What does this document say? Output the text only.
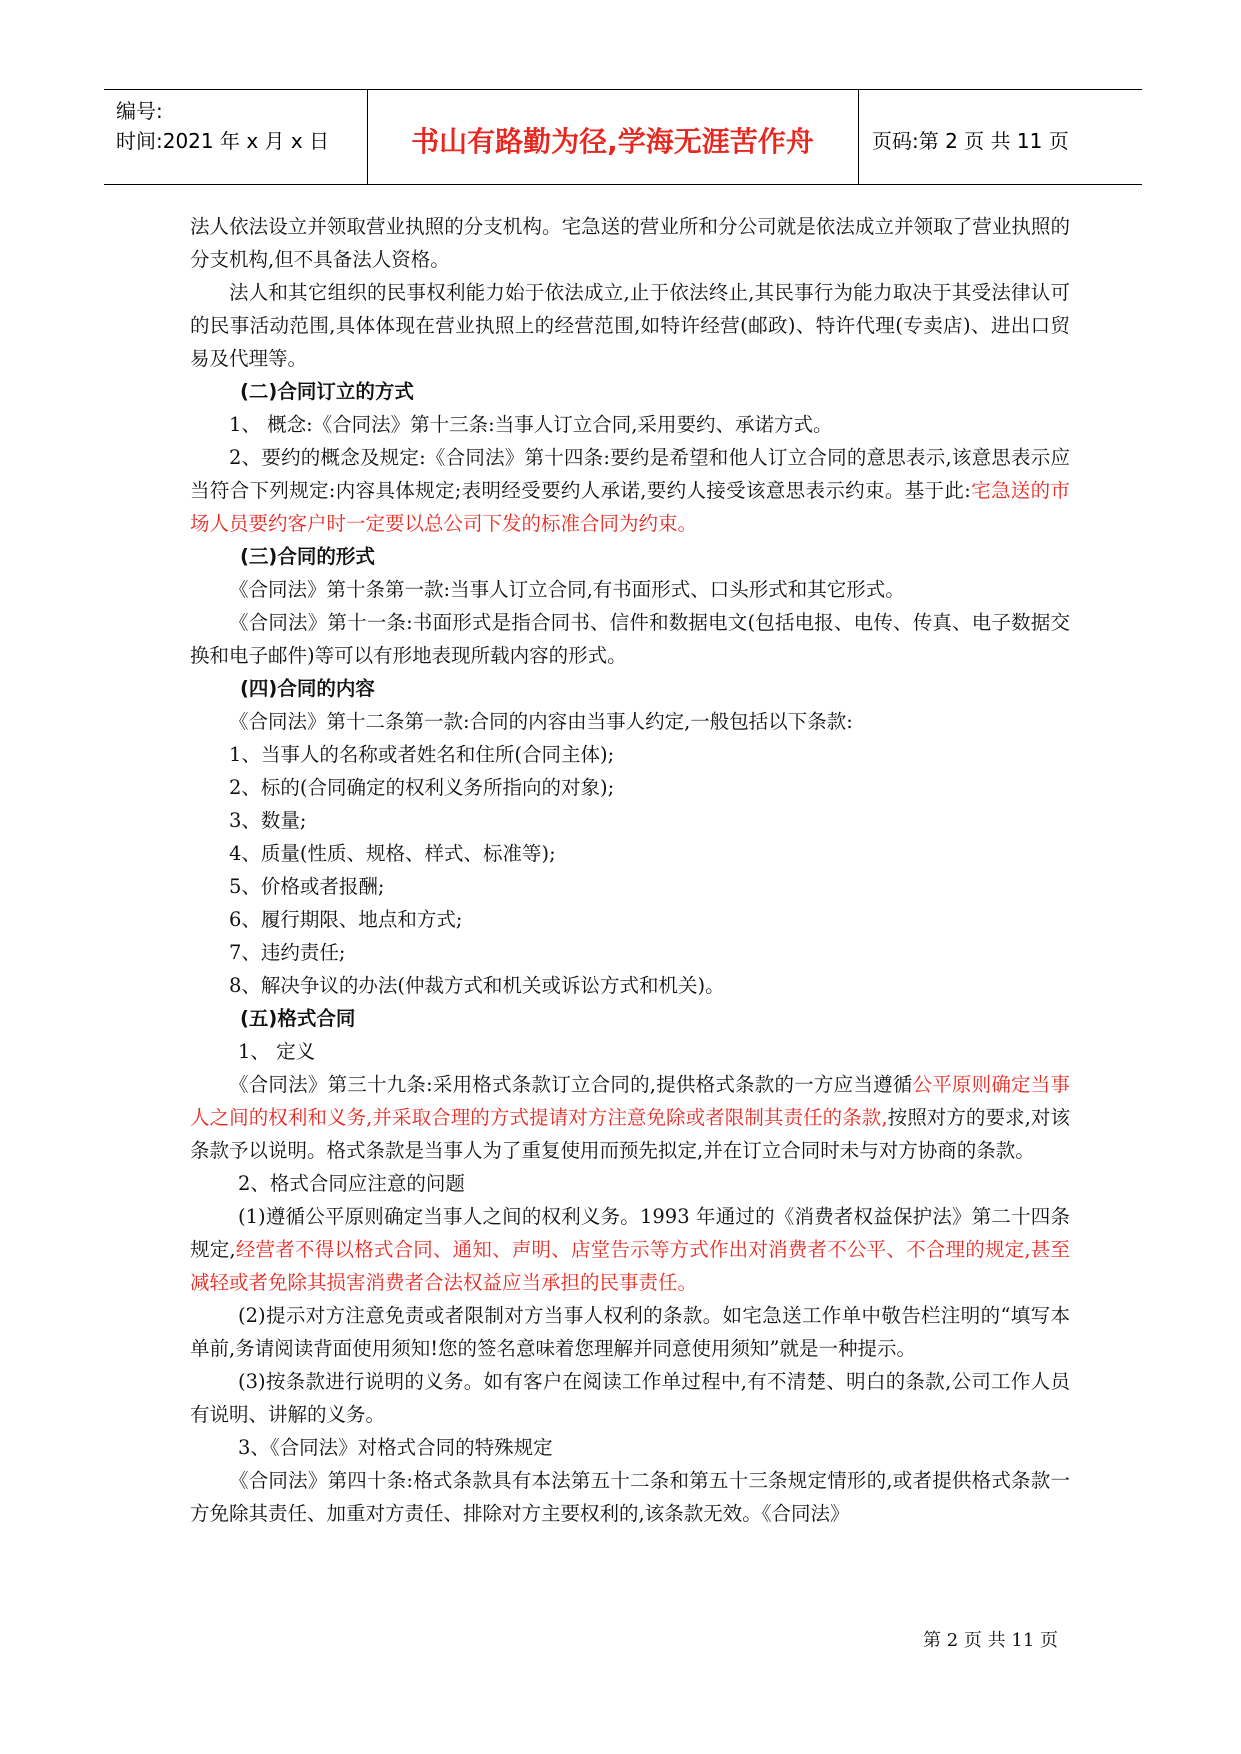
编号:
时间:2021 年 x 月 x 日	书山有路勤为径,学海无涯苦作舟	页码:第 2 页 共 11 页

法人依法设立并领取营业执照的分支机构。宅急送的营业所和分公司就是依法成立并领取了营业执照的分支机构,但不具备法人资格。

法人和其它组织的民事权利能力始于依法成立,止于依法终止,其民事行为能力取决于其受法律认可的民事活动范围,具体体现在营业执照上的经营范围,如特许经营(邮政)、特许代理(专卖店)、进出口贸易及代理等。

(二)合同订立的方式

1、 概念:《合同法》第十三条:当事人订立合同,采用要约、承诺方式。

2、要约的概念及规定:《合同法》第十四条:要约是希望和他人订立合同的意思表示,该意思表示应当符合下列规定:内容具体规定;表明经受要约人承诺,要约人接受该意思表示约束。基于此:宅急送的市场人员要约客户时一定要以总公司下发的标准合同为约束。

(三)合同的形式

《合同法》第十条第一款:当事人订立合同,有书面形式、口头形式和其它形式。

《合同法》第十一条:书面形式是指合同书、信件和数据电文(包括电报、电传、传真、电子数据交换和电子邮件)等可以有形地表现所载内容的形式。

(四)合同的内容

《合同法》第十二条第一款:合同的内容由当事人约定,一般包括以下条款:

1、当事人的名称或者姓名和住所(合同主体);

2、标的(合同确定的权利义务所指向的对象);

3、数量;

4、质量(性质、规格、样式、标准等);

5、价格或者报酬;

6、履行期限、地点和方式;

7、违约责任;

8、解决争议的办法(仲裁方式和机关或诉讼方式和机关)。

(五)格式合同

1、 定义

《合同法》第三十九条:采用格式条款订立合同的,提供格式条款的一方应当遵循公平原则确定当事人之间的权利和义务,并采取合理的方式提请对方注意免除或者限制其责任的条款,按照对方的要求,对该条款予以说明。格式条款是当事人为了重复使用而预先拟定,并在订立合同时未与对方协商的条款。

2、格式合同应注意的问题

(1)遵循公平原则确定当事人之间的权利义务。1993 年通过的《消费者权益保护法》第二十四条规定,经营者不得以格式合同、通知、声明、店堂告示等方式作出对消费者不公平、不合理的规定,甚至减轻或者免除其损害消费者合法权益应当承担的民事责任。

(2)提示对方注意免责或者限制对方当事人权利的条款。如宅急送工作单中敬告栏注明的“填写本单前,务请阅读背面使用须知!您的签名意味着您理解并同意使用须知”就是一种提示。

(3)按条款进行说明的义务。如有客户在阅读工作单过程中,有不清楚、明白的条款,公司工作人员有说明、讲解的义务。

3、《合同法》对格式合同的特殊规定

《合同法》第四十条:格式条款具有本法第五十二条和第五十三条规定情形的,或者提供格式条款一方免除其责任、加重对方责任、排除对方主要权利的,该条款无效。《合同法》

第 2 页 共 11 页
